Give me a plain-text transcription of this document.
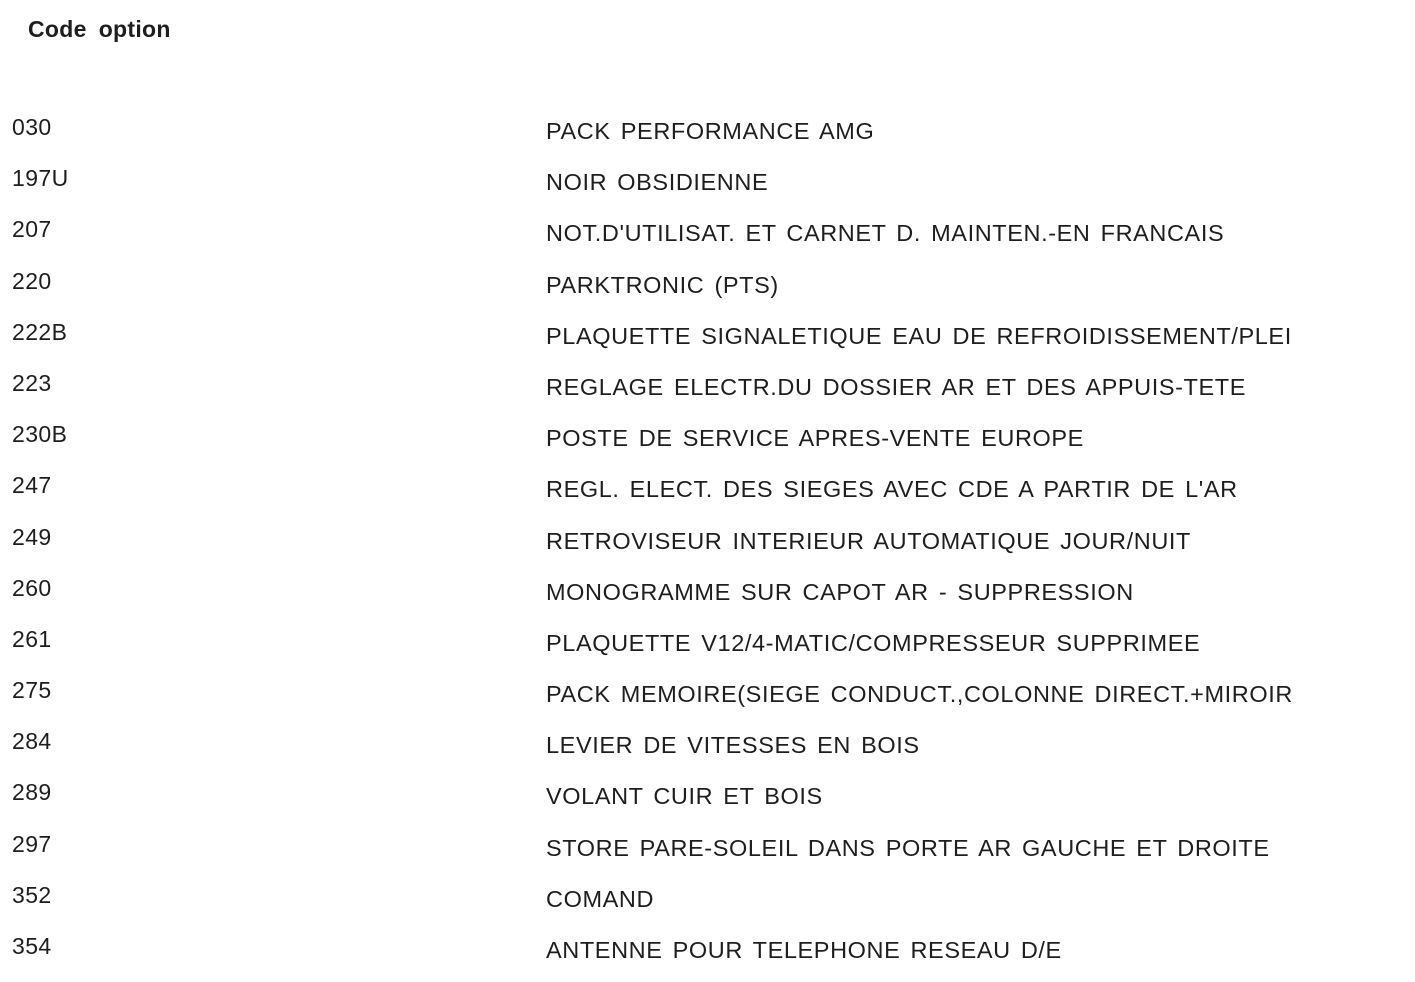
Code option
030	PACK PERFORMANCE AMG
197U	NOIR OBSIDIENNE
207	NOT.D'UTILISAT. ET CARNET D. MAINTEN.-EN FRANCAIS
220	PARKTRONIC (PTS)
222B	PLAQUETTE SIGNALETIQUE EAU DE REFROIDISSEMENT/PLEI
223	REGLAGE ELECTR.DU DOSSIER AR ET DES APPUIS-TETE
230B	POSTE DE SERVICE APRES-VENTE EUROPE
247	REGL. ELECT. DES SIEGES AVEC CDE A PARTIR DE L'AR
249	RETROVISEUR INTERIEUR AUTOMATIQUE JOUR/NUIT
260	MONOGRAMME SUR CAPOT AR - SUPPRESSION
261	PLAQUETTE V12/4-MATIC/COMPRESSEUR SUPPRIMEE
275	PACK MEMOIRE(SIEGE CONDUCT.,COLONNE DIRECT.+MIROIR
284	LEVIER DE VITESSES EN BOIS
289	VOLANT CUIR ET BOIS
297	STORE PARE-SOLEIL DANS PORTE AR GAUCHE ET DROITE
352	COMAND
354	ANTENNE POUR TELEPHONE RESEAU D/E
